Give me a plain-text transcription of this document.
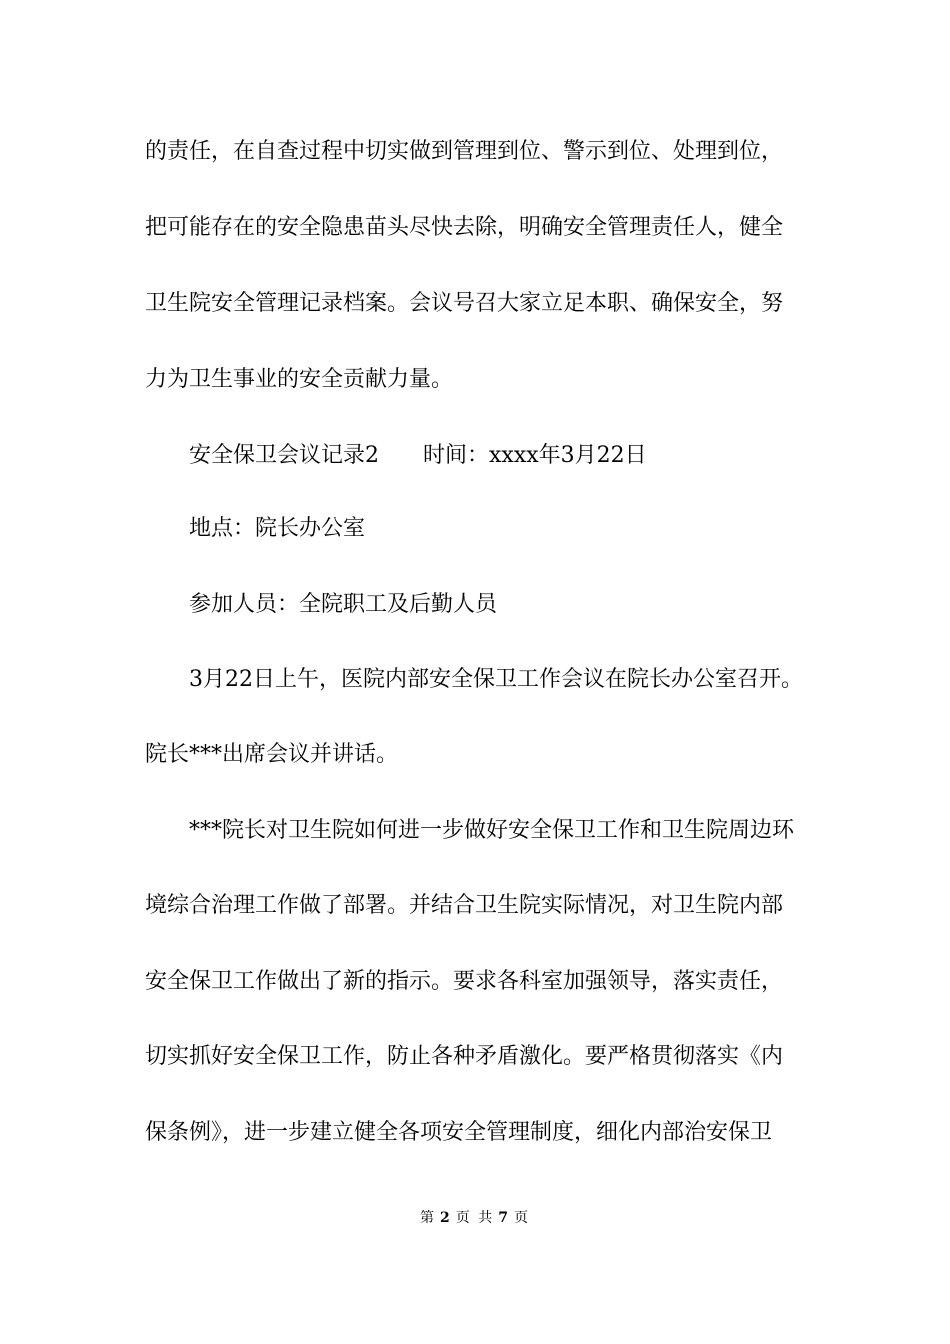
的责任，在自查过程中切实做到管理到位、警示到位、处理到位，
把可能存在的安全隐患苗头尽快去除，明确安全管理责任人，健全
卫生院安全管理记录档案。会议号召大家立足本职、确保安全，努
力为卫生事业的安全贡献力量。
安全保卫会议记录2 时间：xxxx年3月22日
地点：院长办公室
参加人员：全院职工及后勤人员
3月22日上午，医院内部安全保卫工作会议在院长办公室召开。
院长***出席会议并讲话。
***院长对卫生院如何进一步做好安全保卫工作和卫生院周边环
境综合治理工作做了部署。并结合卫生院实际情况，对卫生院内部
安全保卫工作做出了新的指示。要求各科室加强领导，落实责任，
切实抓好安全保卫工作，防止各种矛盾激化。要严格贯彻落实《内
保条例》，进一步建立健全各项安全管理制度，细化内部治安保卫
第 2 页 共 7 页
